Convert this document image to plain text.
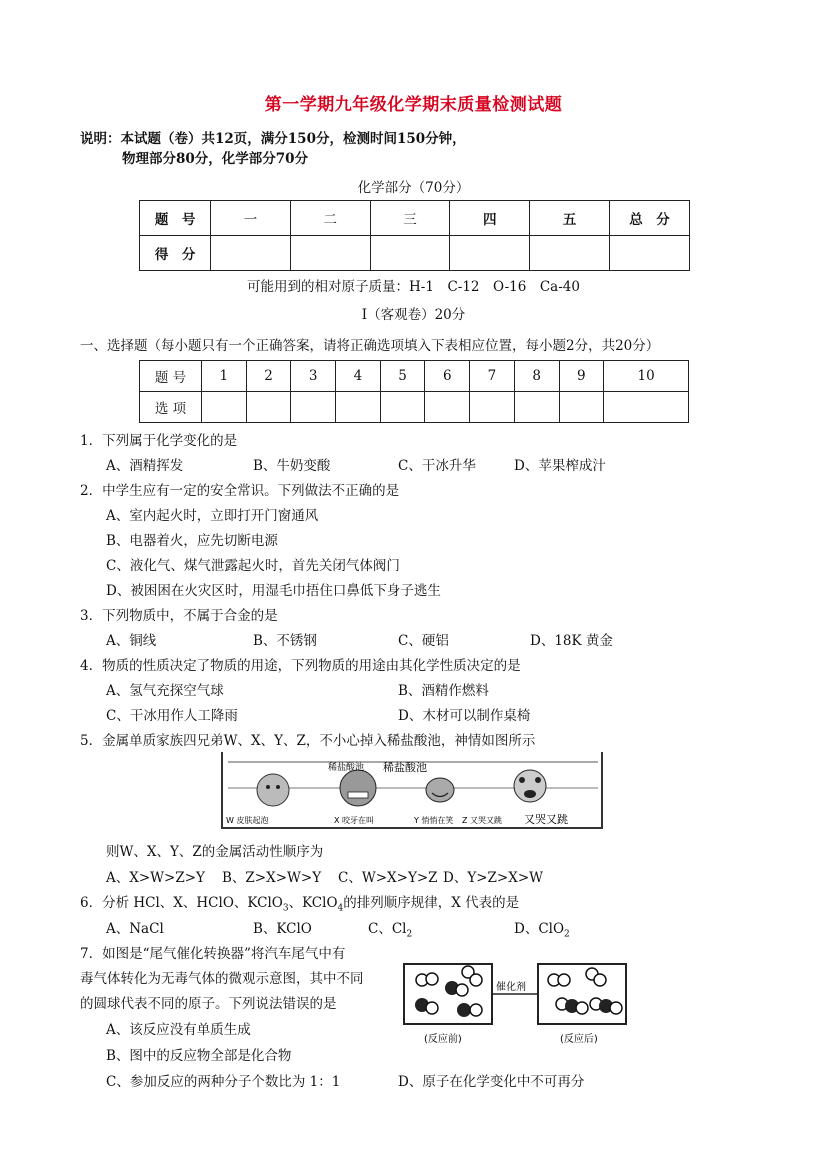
第一学期九年级化学期末质量检测试题
说明：本试题（卷）共12页，满分150分，检测时间150分钟，
物理部分80分，化学部分70分
化学部分（70分）
题　号	一	二	三	四	五	总　分
得　分						
可能用到的相对原子质量：H-1　C-12　O-16　Ca-40
Ⅰ（客观卷）20分
一、选择题（每小题只有一个正确答案，请将正确选项填入下表相应位置，每小题2分，共20分）
题 号	1	2	3	4	5	6	7	8	9	10
选 项										
1．下列属于化学变化的是
A、酒精挥发	B、牛奶变酸	C、干冰升华	D、苹果榨成汁
2．中学生应有一定的安全常识。下列做法不正确的是
A、室内起火时，立即打开门窗通风
B、电器着火，应先切断电源
C、液化气、煤气泄露起火时，首先关闭气体阀门
D、被困困在火灾区时，用湿毛巾捂住口鼻低下身子逃生
3．下列物质中，不属于合金的是
A、铜线	B、不锈钢	C、硬铝	D、18K 黄金
4．物质的性质决定了物质的用途，下列物质的用途由其化学性质决定的是
A、氢气充探空气球	B、酒精作燃料
C、干冰用作人工降雨	D、木材可以制作桌椅
5．金属单质家族四兄弟W、X、Y、Z，不小心掉入稀盐酸池，神情如图所示
稀盐酸池 稀盐酸池
W 皮肤起泡	X 咬牙在叫	Y 悄悄在笑 Z 又哭又跳 又哭又跳
则W、X、Y、Z的金属活动性顺序为
A、X>W>Z>Y B、Z>X>W>Y C、W>X>Y>Z D、Y>Z>X>W
6．分析 HCl、X、HClO、KClO$_3$、KClO$_4$的排列顺序规律，X 代表的是
A、NaCl	B、KClO	C、$Cl_2$	D、ClO$_2$
7．如图是“尾气催化转换器”将汽车尾气中有
毒气体转化为无毒气体的微观示意图，其中不同
的圆球代表不同的原子。下列说法错误的是
A、该反应没有单质生成
B、图中的反应物全部是化合物
C、参加反应的两种分子个数比为 1：1	D、原子在化学变化中不可再分
催化剂
(反应前)	(反应后)
